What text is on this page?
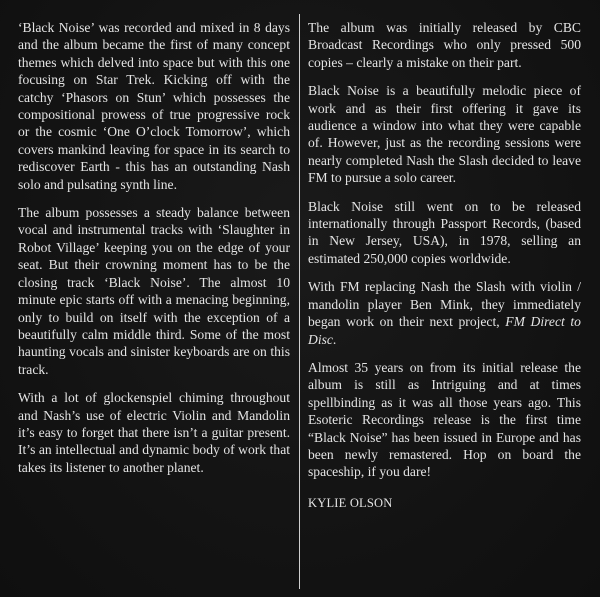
‘Black Noise’ was recorded and mixed in 8 days and the album became the first of many concept themes which delved into space but with this one focusing on Star Trek. Kicking off with the catchy ‘Phasors on Stun’ which possesses the compositional prowess of true progressive rock or the cosmic ‘One O’clock Tomorrow’, which covers mankind leaving for space in its search to rediscover Earth - this has an outstanding Nash solo and pulsating synth line.

The album possesses a steady balance between vocal and instrumental tracks with ‘Slaughter in Robot Village’ keeping you on the edge of your seat. But their crowning moment has to be the closing track ‘Black Noise’. The almost 10 minute epic starts off with a menacing beginning, only to build on itself with the exception of a beautifully calm middle third. Some of the most haunting vocals and sinister keyboards are on this track.

With a lot of glockenspiel chiming throughout and Nash’s use of electric Violin and Mandolin it’s easy to forget that there isn’t a guitar present. It’s an intellectual and dynamic body of work that takes its listener to another planet.

The album was initially released by CBC Broadcast Recordings who only pressed 500 copies – clearly a mistake on their part.

Black Noise is a beautifully melodic piece of work and as their first offering it gave its audience a window into what they were capable of. However, just as the recording sessions were nearly completed Nash the Slash decided to leave FM to pursue a solo career.

Black Noise still went on to be released internationally through Passport Records, (based in New Jersey, USA), in 1978, selling an estimated 250,000 copies worldwide.

With FM replacing Nash the Slash with violin / mandolin player Ben Mink, they immediately began work on their next project, FM Direct to Disc.

Almost 35 years on from its initial release the album is still as Intriguing and at times spellbinding as it was all those years ago. This Esoteric Recordings release is the first time “Black Noise” has been issued in Europe and has been newly remastered. Hop on board the spaceship, if you dare!

KYLIE OLSON
